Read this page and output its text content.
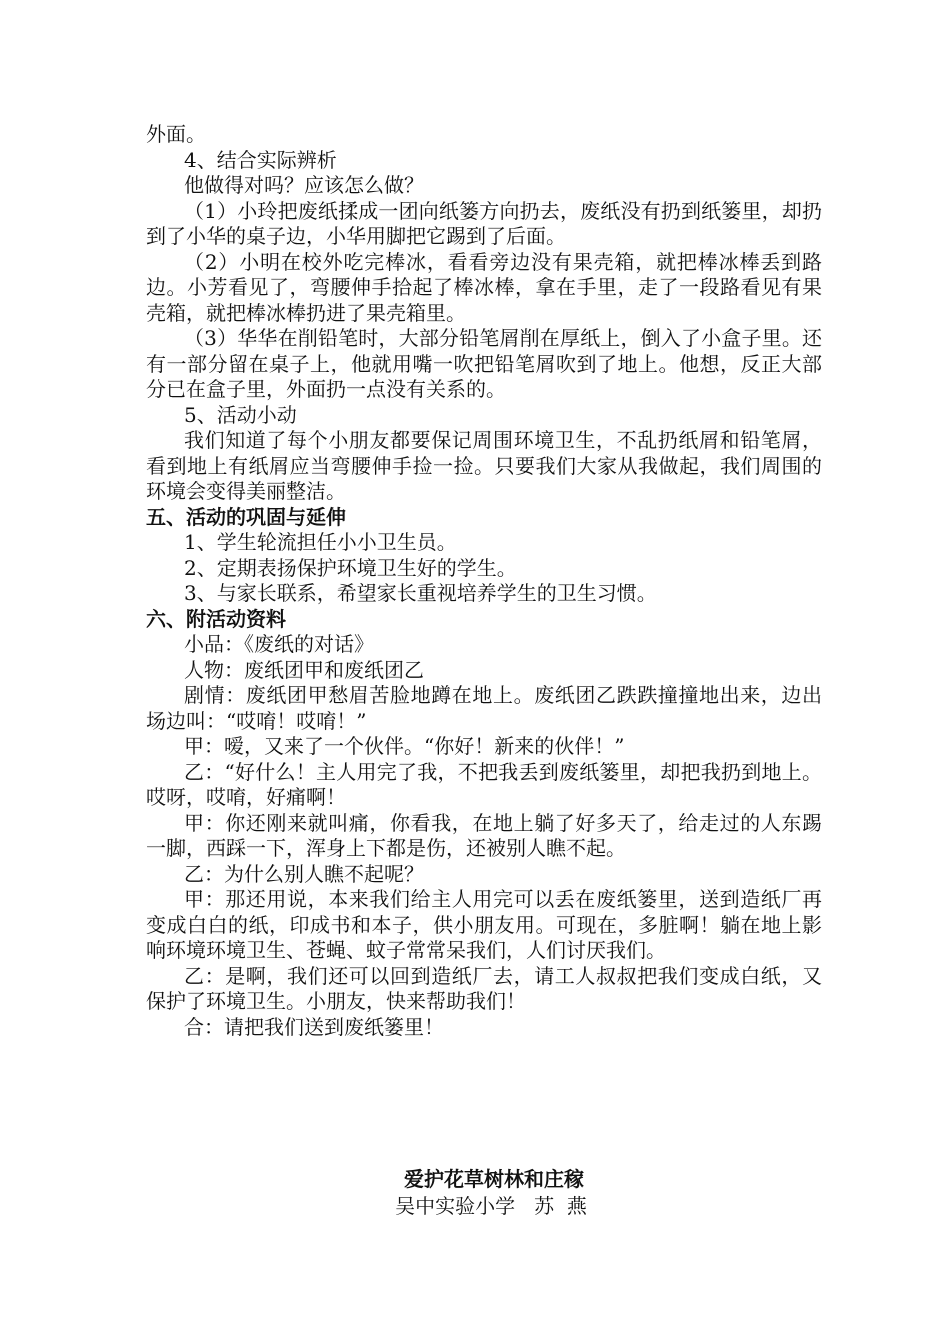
外面。

4、结合实际辨析

他做得对吗？应该怎么做？

（1）小玲把废纸揉成一团向纸篓方向扔去，废纸没有扔到纸篓里，却扔到了小华的桌子边，小华用脚把它踢到了后面。

（2）小明在校外吃完棒冰，看看旁边没有果壳箱，就把棒冰棒丢到路边。小芳看见了，弯腰伸手拾起了棒冰棒，拿在手里，走了一段路看见有果壳箱，就把棒冰棒扔进了果壳箱里。

（3）华华在削铅笔时，大部分铅笔屑削在厚纸上，倒入了小盒子里。还有一部分留在桌子上，他就用嘴一吹把铅笔屑吹到了地上。他想，反正大部分已在盒子里，外面扔一点没有关系的。

5、活动小动

我们知道了每个小朋友都要保记周围环境卫生，不乱扔纸屑和铅笔屑，看到地上有纸屑应当弯腰伸手捡一捡。只要我们大家从我做起，我们周围的环境会变得美丽整洁。

五、活动的巩固与延伸

1、学生轮流担任小小卫生员。

2、定期表扬保护环境卫生好的学生。

3、与家长联系，希望家长重视培养学生的卫生习惯。

六、附活动资料

小品：《废纸的对话》

人物：废纸团甲和废纸团乙

剧情：废纸团甲愁眉苦脸地蹲在地上。废纸团乙跌跌撞撞地出来，边出场边叫：“哎唷！哎唷！”

甲：嗳，又来了一个伙伴。“你好！新来的伙伴！”

乙：“好什么！主人用完了我，不把我丢到废纸篓里，却把我扔到地上。哎呀，哎唷，好痛啊！

甲：你还刚来就叫痛，你看我，在地上躺了好多天了，给走过的人东踢一脚，西踩一下，浑身上下都是伤，还被别人瞧不起。

乙：为什么别人瞧不起呢？

甲：那还用说，本来我们给主人用完可以丢在废纸篓里，送到造纸厂再变成白白的纸，印成书和本子，供小朋友用。可现在，多脏啊！躺在地上影响环境环境卫生、苍蝇、蚊子常常呆我们，人们讨厌我们。

乙：是啊，我们还可以回到造纸厂去，请工人叔叔把我们变成白纸，又保护了环境卫生。小朋友，快来帮助我们！

合：请把我们送到废纸篓里！

爱护花草树林和庄稼
吴中实验小学   苏  燕
